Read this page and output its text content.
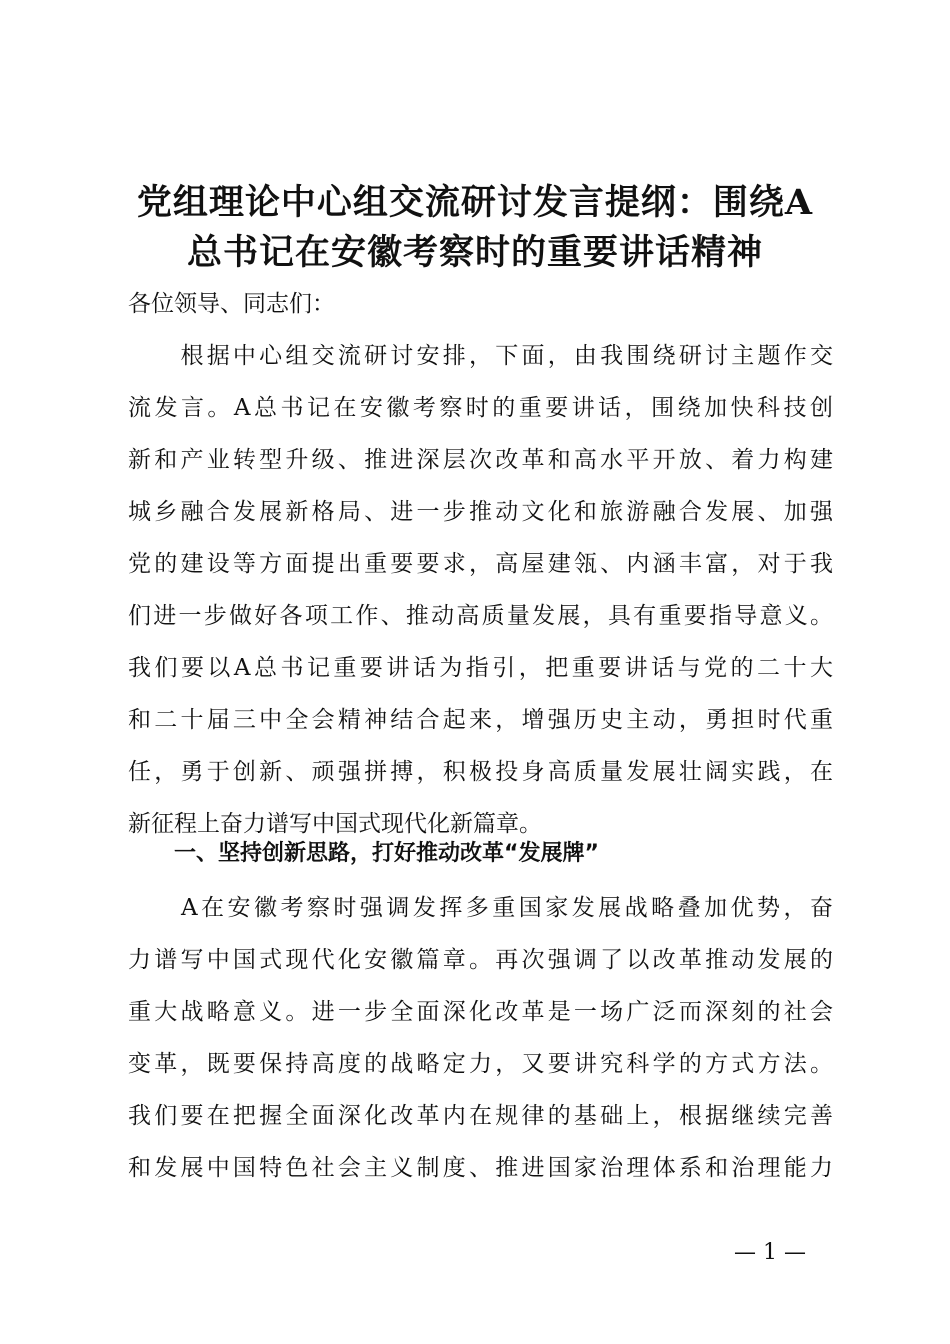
党组理论中心组交流研讨发言提纲：围绕A
总书记在安徽考察时的重要讲话精神

各位领导、同志们：

　　根据中心组交流研讨安排，下面，由我围绕研讨主题作交
流发言。A总书记在安徽考察时的重要讲话，围绕加快科技创
新和产业转型升级、推进深层次改革和高水平开放、着力构建
城乡融合发展新格局、进一步推动文化和旅游融合发展、加强
党的建设等方面提出重要要求，高屋建瓴、内涵丰富，对于我
们进一步做好各项工作、推动高质量发展，具有重要指导意义。
我们要以A总书记重要讲话为指引，把重要讲话与党的二十大
和二十届三中全会精神结合起来，增强历史主动，勇担时代重
任，勇于创新、顽强拼搏，积极投身高质量发展壮阔实践，在
新征程上奋力谱写中国式现代化新篇章。
一、坚持创新思路，打好推动改革“发展牌”
　　A在安徽考察时强调发挥多重国家发展战略叠加优势，奋
力谱写中国式现代化安徽篇章。再次强调了以改革推动发展的
重大战略意义。进一步全面深化改革是一场广泛而深刻的社会
变革，既要保持高度的战略定力，又要讲究科学的方式方法。
我们要在把握全面深化改革内在规律的基础上，根据继续完善
和发展中国特色社会主义制度、推进国家治理体系和治理能力
— 1 —
